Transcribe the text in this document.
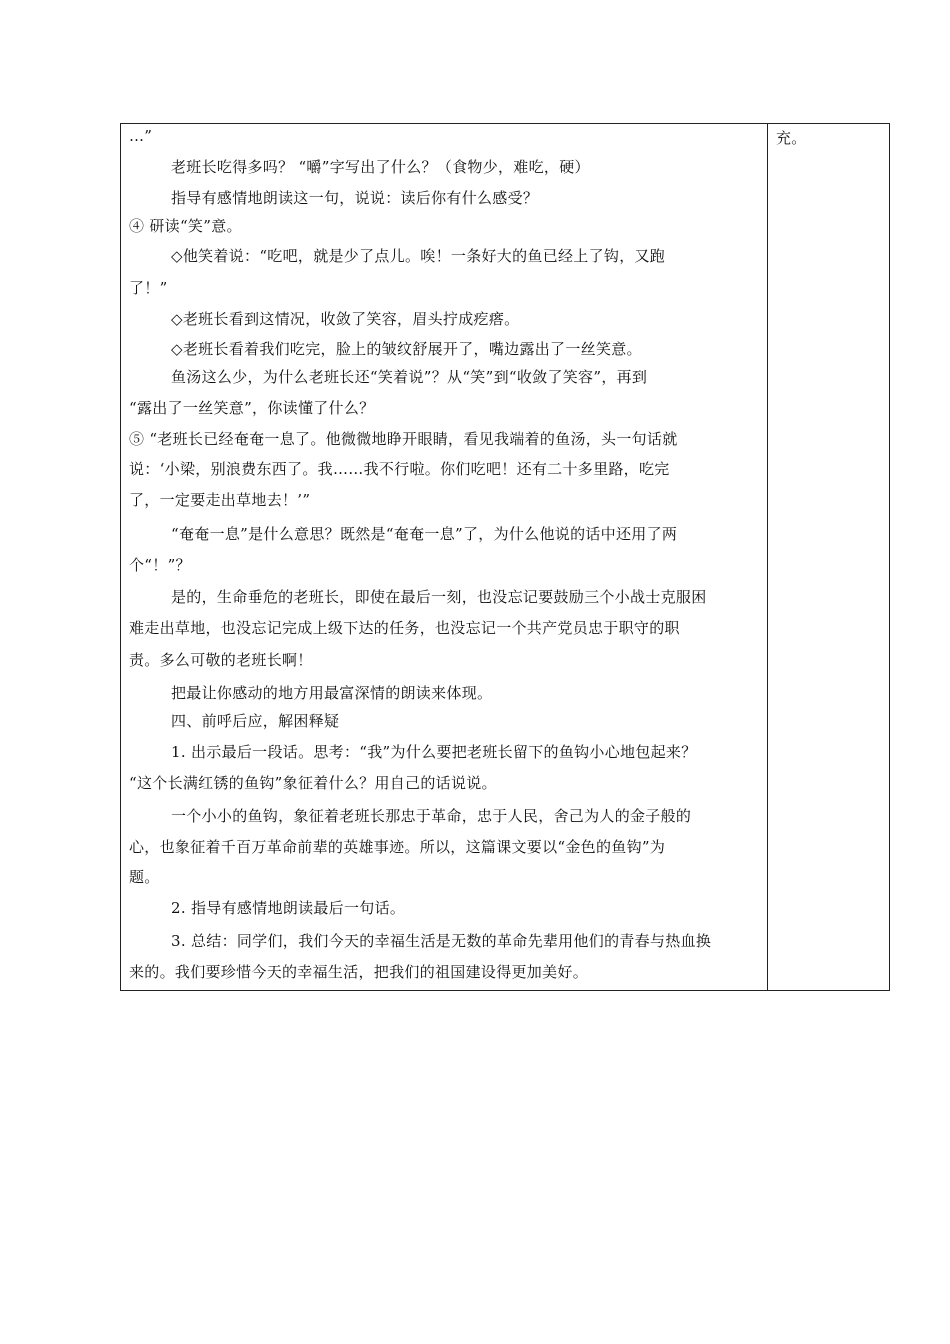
…”
老班长吃得多吗？ “嚼”字写出了什么？（食物少，难吃，硬）
指导有感情地朗读这一句，说说：读后你有什么感受？
④ 研读“笑”意。
◇他笑着说：“吃吧，就是少了点儿。唉！一条好大的鱼已经上了钩，又跑
了！”
◇老班长看到这情况，收敛了笑容，眉头拧成疙瘩。
◇老班长看着我们吃完，脸上的皱纹舒展开了，嘴边露出了一丝笑意。
鱼汤这么少，为什么老班长还“笑着说”？从“笑”到“收敛了笑容”，再到
“露出了一丝笑意”，你读懂了什么？
⑤ “老班长已经奄奄一息了。他微微地睁开眼睛，看见我端着的鱼汤，头一句话就
说：‘小梁，别浪费东西了。我……我不行啦。你们吃吧！还有二十多里路，吃完
了，一定要走出草地去！’”
“奄奄一息”是什么意思？既然是“奄奄一息”了，为什么他说的话中还用了两
个“！”？
是的，生命垂危的老班长，即使在最后一刻，也没忘记要鼓励三个小战士克服困
难走出草地，也没忘记完成上级下达的任务，也没忘记一个共产党员忠于职守的职
责。多么可敬的老班长啊！
把最让你感动的地方用最富深情的朗读来体现。
四、前呼后应，解困释疑
1. 出示最后一段话。思考：“我”为什么要把老班长留下的鱼钩小心地包起来？
“这个长满红锈的鱼钩”象征着什么？用自己的话说说。
一个小小的鱼钩，象征着老班长那忠于革命，忠于人民，舍己为人的金子般的
心，也象征着千百万革命前辈的英雄事迹。所以，这篇课文要以“金色的鱼钩”为
题。
2. 指导有感情地朗读最后一句话。
3. 总结：同学们，我们今天的幸福生活是无数的革命先辈用他们的青春与热血换
来的。我们要珍惜今天的幸福生活，把我们的祖国建设得更加美好。
充。
